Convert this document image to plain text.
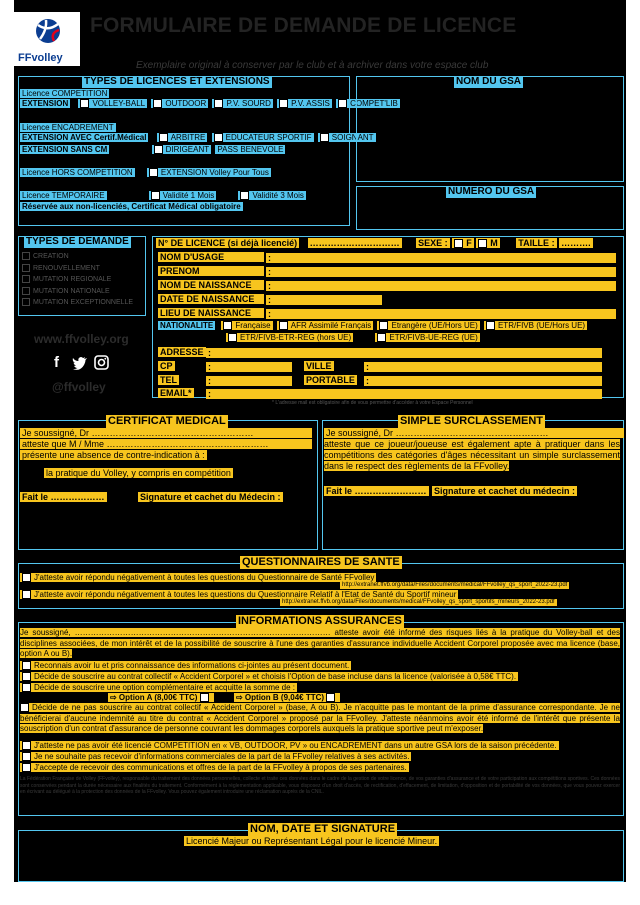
FFvolley
FORMULAIRE DE DEMANDE DE LICENCE
Exemplaire original à conserver par le club et à archiver dans votre espace club
TYPES DE LICENCES ET EXTENSIONS
Licence COMPETITION
EXTENSION	VOLLEY-BALL	OUTDOOR	P.V. SOURD	P.V. ASSIS	COMPET'LIB
Licence ENCADREMENT
EXTENSION AVEC Certif.Médical	ARBITRE	EDUCATEUR SPORTIF	SOIGNANT
EXTENSION SANS CM	DIRIGEANT PASS BENEVOLE
Licence HORS COMPETITION	EXTENSION Volley Pour Tous
Licence TEMPORAIRE	Validité 1 Mois	Validité 3 Mois
Réservée aux non-licenciés, Certificat Médical obligatoire
NOM DU GSA
NUMERO DU GSA
TYPES DE DEMANDE
CREATION
RENOUVELLEMENT
MUTATION REGIONALE
MUTATION NATIONALE
MUTATION EXCEPTIONNELLE
www.ffvolley.org
f
@ffvolley
N° DE LICENCE (si déjà licencié) ………………………… SEXE : F M TAILLE : ……….
NOM D'USAGE	:
PRENOM	:
NOM DE NAISSANCE	:
DATE DE NAISSANCE	:
LIEU DE NAISSANCE	:
NATIONALITE	Française	AFR Assimilé Français	Etrangère (UE/Hors UE)	ETR/FIVB (UE/Hors UE)
ETR/FIVB-ETR-REG (hors UE)	ETR/FIVB-UE-REG (UE)
ADRESSE :
CP	:	VILLE	:
TEL	:	PORTABLE :
EMAIL* :
* L'adresse mail est obligatoire afin de vous permettre d'accéder à votre Espace Personnel
CERTIFICAT MEDICAL
Je soussigné, Dr ………………………………………………
atteste que M / Mme ………………………………………………
présente une absence de contre-indication à :
la pratique du Volley, y compris en compétition
Fait le ………………	Signature et cachet du Médecin :
SIMPLE SURCLASSEMENT
Je soussigné, Dr ……………………………………………
atteste que ce joueur/joueuse est également apte à pratiquer dans les compétitions des catégories d'âges nécessitant un simple surclassement dans le respect des règlements de la FFvolley.
Fait le …………………… Signature et cachet du médecin :
QUESTIONNAIRES DE SANTE
J'atteste avoir répondu négativement à toutes les questions du Questionnaire de Santé FFvolley
http://extranet.ffvb.org/data/Files/documents/medical/FFvolley_qs_sport_2022-23.pdf
J'atteste avoir répondu négativement à toutes les questions du Questionnaire Relatif à l'Etat de Santé du Sportif mineur
http://extranet.ffvb.org/data/Files/documents/medical/FFvolley_qs_sport_sportifs_mineurs_2022-23.pdf
INFORMATIONS ASSURANCES
Je soussigné, …………………………………………………………………………………… atteste avoir été informé des risques liés à la pratique du Volley-ball et des disciplines associées, de mon intérêt et de la possibilité de souscrire à l'une des garanties d'assurance individuelle Accident Corporel proposée avec ma licence (base, option A ou B).
Reconnais avoir lu et pris connaissance des informations ci-jointes au présent document.
Décide de souscrire au contrat collectif « Accident Corporel » et choisis l'Option de base incluse dans la licence (valorisée à 0,58€ TTC).
Décide de souscrire une option complémentaire et acquitte la somme de :
⇨ Option A (8,00€ TTC)	⇨ Option B (9,04€ TTC)
Décide de ne pas souscrire au contrat collectif « Accident Corporel » (base, A ou B). Je n'acquitte pas le montant de la prime d'assurance correspondante. Je ne bénéficierai d'aucune indemnité au titre du contrat « Accident Corporel » proposé par la FFvolley. J'atteste néanmoins avoir été informé de l'intérêt que présente la souscription d'un contrat d'assurance de personne couvrant les dommages corporels auxquels la pratique sportive peut m'exposer.
J'atteste ne pas avoir été licencié COMPETITION en « VB, OUTDOOR, PV » ou ENCADREMENT dans un autre GSA lors de la saison précédente.
Je ne souhaite pas recevoir d'informations commerciales de la part de la FFvolley relatives à ses activités.
J'accepte de recevoir des communications et offres de la part de la FFvolley à propos de ses partenaires.
La Fédération Française de Volley (FFvolley), responsable du traitement des données personnelles, collecte et traite ces données dans le cadre de la gestion de votre licence, de vos garanties d'assurance et de votre participation aux compétitions sportives. Ces données sont conservées pendant la durée nécessaire aux finalités du traitement. Conformément à la réglementation applicable, vous disposez d'un droit d'accès, de rectification, d'effacement, de limitation, d'opposition et de portabilité de vos données, que vous pouvez exercer en écrivant au délégué à la protection des données de la FFvolley. Vous pouvez également introduire une réclamation auprès de la CNIL.
NOM, DATE ET SIGNATURE
Licencié Majeur ou Représentant Légal pour le licencié Mineur.
